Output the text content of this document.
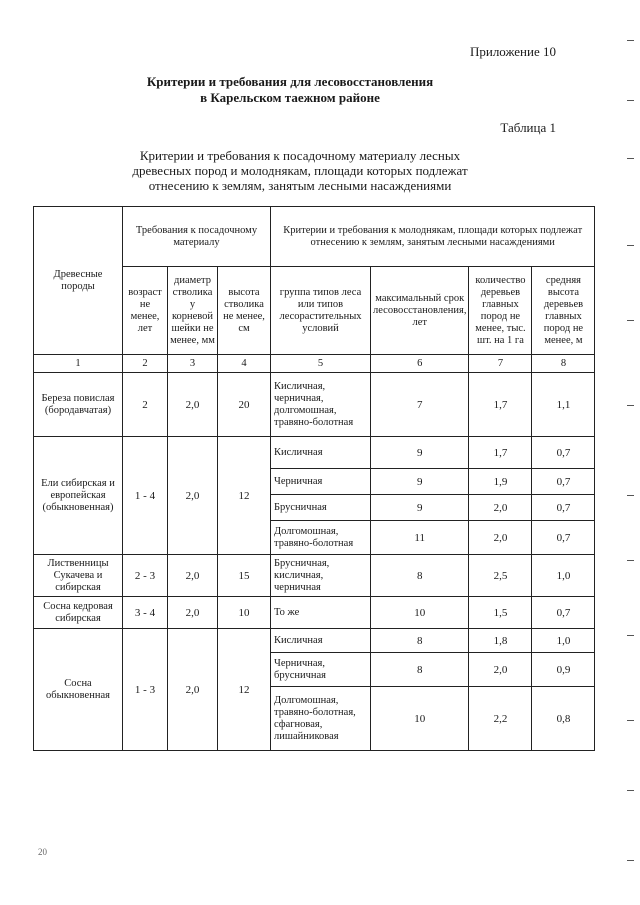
Приложение 10
Критерии и требования для лесовосстановления
в Карельском таежном районе
Таблица 1
Критерии и требования к посадочному материалу лесных
древесных пород и молоднякам, площади которых подлежат
отнесению к землям, занятым лесными насаждениями
Древесные породы	Требования к посадочному материалу			Критерии и требования к молоднякам, площади которых подлежат отнесению к землям, занятым лесными насаждениями			
	возраст не менее, лет	диаметр стволика у корневой шейки не менее, мм	высота стволика не менее, см	группа типов леса или типов лесорастительных условий	максимальный срок лесовосстановления, лет	количество деревьев главных пород не менее, тыс. шт. на 1 га	средняя высота деревьев главных пород не менее, м
1	2	3	4	5	6	7	8
Береза повислая (бородавчатая)	2	2,0	20	Кисличная, черничная, долгомошная, травяно-болотная	7	1,7	1,1
Ели сибирская и европейская (обыкновенная)	1 - 4	2,0	12	Кисличная	9	1,7	0,7
				Черничная	9	1,9	0,7
				Брусничная	9	2,0	0,7
				Долгомошная, травяно-болотная	11	2,0	0,7
Лиственницы Сукачева и сибирская	2 - 3	2,0	15	Брусничная, кисличная, черничная	8	2,5	1,0
Сосна кедровая сибирская	3 - 4	2,0	10	То же	10	1,5	0,7
Сосна обыкновенная	1 - 3	2,0	12	Кисличная	8	1,8	1,0
				Черничная, брусничная	8	2,0	0,9
				Долгомошная, травяно-болотная, сфагновая, лишайниковая	10	2,2	0,8
20
